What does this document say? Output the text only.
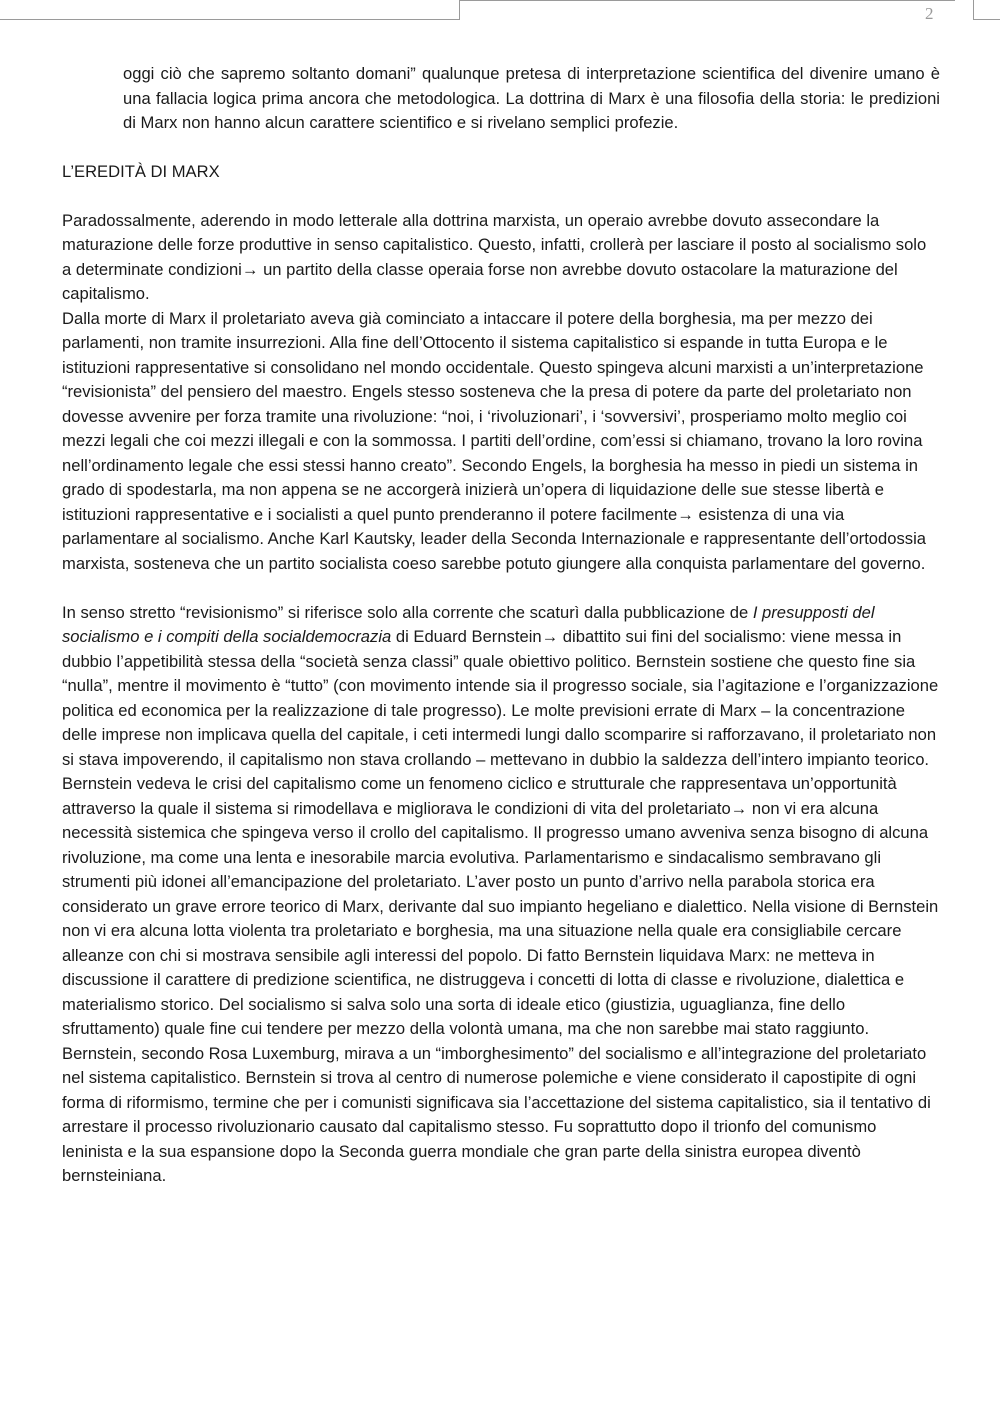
2

oggi ciò che sapremo soltanto domani” qualunque pretesa di interpretazione scientifica del divenire umano è una fallacia logica prima ancora che metodologica. La dottrina di Marx è una filosofia della storia: le predizioni di Marx non hanno alcun carattere scientifico e si rivelano semplici profezie.

L’EREDITÀ DI MARX

Paradossalmente, aderendo in modo letterale alla dottrina marxista, un operaio avrebbe dovuto assecondare la maturazione delle forze produttive in senso capitalistico. Questo, infatti, crollerà per lasciare il posto al socialismo solo a determinate condizioni→ un partito della classe operaia forse non avrebbe dovuto ostacolare la maturazione del capitalismo.

Dalla morte di Marx il proletariato aveva già cominciato a intaccare il potere della borghesia, ma per mezzo dei parlamenti, non tramite insurrezioni. Alla fine dell’Ottocento il sistema capitalistico si espande in tutta Europa e le istituzioni rappresentative si consolidano nel mondo occidentale. Questo spingeva alcuni marxisti a un’interpretazione “revisionista” del pensiero del maestro. Engels stesso sosteneva che la presa di potere da parte del proletariato non dovesse avvenire per forza tramite una rivoluzione: “noi, i ‘rivoluzionari’, i ‘sovversivi’, prosperiamo molto meglio coi mezzi legali che coi mezzi illegali e con la sommossa. I partiti dell’ordine, com’essi si chiamano, trovano la loro rovina nell’ordinamento legale che essi stessi hanno creato”. Secondo Engels, la borghesia ha messo in piedi un sistema in grado di spodestarla, ma non appena se ne accorgerà inizierà un’opera di liquidazione delle sue stesse libertà e istituzioni rappresentative e i socialisti a quel punto prenderanno il potere facilmente→ esistenza di una via parlamentare al socialismo. Anche Karl Kautsky, leader della Seconda Internazionale e rappresentante dell’ortodossia marxista, sosteneva che un partito socialista coeso sarebbe potuto giungere alla conquista parlamentare del governo.

In senso stretto “revisionismo” si riferisce solo alla corrente che scaturì dalla pubblicazione de I presupposti del socialismo e i compiti della socialdemocrazia di Eduard Bernstein→ dibattito sui fini del socialismo: viene messa in dubbio l’appetibilità stessa della “società senza classi” quale obiettivo politico. Bernstein sostiene che questo fine sia “nulla”, mentre il movimento è “tutto” (con movimento intende sia il progresso sociale, sia l’agitazione e l’organizzazione politica ed economica per la realizzazione di tale progresso). Le molte previsioni errate di Marx – la concentrazione delle imprese non implicava quella del capitale, i ceti intermedi lungi dallo scomparire si rafforzavano, il proletariato non si stava impoverendo, il capitalismo non stava crollando – mettevano in dubbio la saldezza dell’intero impianto teorico. Bernstein vedeva le crisi del capitalismo come un fenomeno ciclico e strutturale che rappresentava un’opportunità attraverso la quale il sistema si rimodellava e migliorava le condizioni di vita del proletariato→ non vi era alcuna necessità sistemica che spingeva verso il crollo del capitalismo. Il progresso umano avveniva senza bisogno di alcuna rivoluzione, ma come una lenta e inesorabile marcia evolutiva. Parlamentarismo e sindacalismo sembravano gli strumenti più idonei all’emancipazione del proletariato. L’aver posto un punto d’arrivo nella parabola storica era considerato un grave errore teorico di Marx, derivante dal suo impianto hegeliano e dialettico. Nella visione di Bernstein non vi era alcuna lotta violenta tra proletariato e borghesia, ma una situazione nella quale era consigliabile cercare alleanze con chi si mostrava sensibile agli interessi del popolo. Di fatto Bernstein liquidava Marx: ne metteva in discussione il carattere di predizione scientifica, ne distruggeva i concetti di lotta di classe e rivoluzione, dialettica e materialismo storico. Del socialismo si salva solo una sorta di ideale etico (giustizia, uguaglianza, fine dello sfruttamento) quale fine cui tendere per mezzo della volontà umana, ma che non sarebbe mai stato raggiunto.

Bernstein, secondo Rosa Luxemburg, mirava a un “imborghesimento” del socialismo e all’integrazione del proletariato nel sistema capitalistico. Bernstein si trova al centro di numerose polemiche e viene considerato il capostipite di ogni forma di riformismo, termine che per i comunisti significava sia l’accettazione del sistema capitalistico, sia il tentativo di arrestare il processo rivoluzionario causato dal capitalismo stesso. Fu soprattutto dopo il trionfo del comunismo leninista e la sua espansione dopo la Seconda guerra mondiale che gran parte della sinistra europea diventò bernsteiniana.
